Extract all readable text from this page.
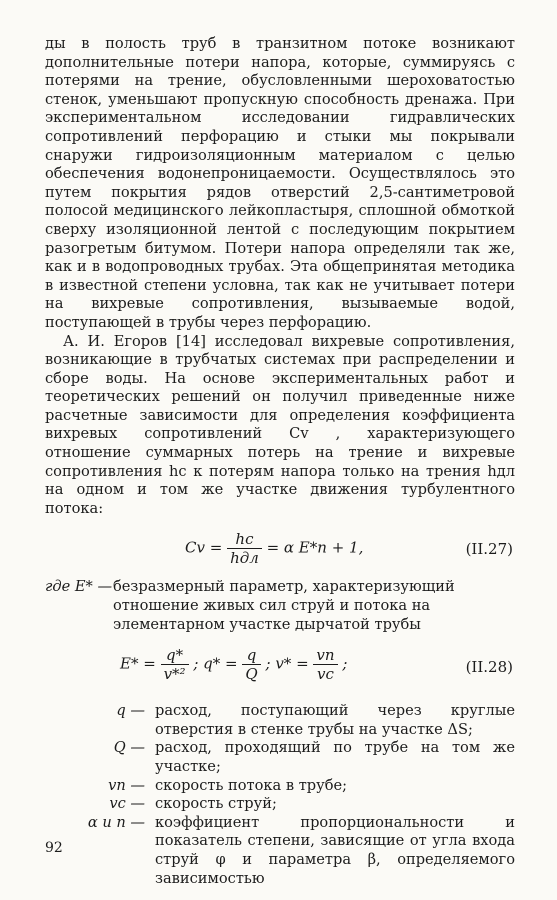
ды в полость труб в транзитном потоке возникают дополнительные потери напора, которые, суммируясь с потерями на трение, обусловленными шероховатостью стенок, уменьшают пропускную способность дренажа. При экспериментальном исследовании гидравлических сопротивлений перфорацию и стыки мы покрывали снаружи гидроизоляционным материалом с целью обеспечения водонепроницаемости. Осуществлялось это путем покрытия рядов отверстий 2,5-сантиметровой полосой медицинского лейкопластыря, сплошной обмоткой сверху изоляционной лентой с последующим покрытием разогретым битумом. Потери напора определяли так же, как и в водопроводных трубах. Эта общепринятая методика в известной степени условна, так как не учитывает потери на вихревые сопротивления, вызываемые водой, поступающей в трубы через перфорацию.

А. И. Егоров [14] исследовал вихревые сопротивления, возникающие в трубчатых системах при распределении и сборе воды. На основе экспериментальных работ и теоретических решений он получил приведенные ниже расчетные зависимости для определения коэффициента вихревых сопротивлений Cv , характеризующего отношение суммарных потерь на трение и вихревые сопротивления hс к потерям напора только на трения hдл на одном и том же участке движения турбулентного потока:

$Cv = \frac{hс}{\text{hдл}} = \alpha$ E*n + 1,	(II.27)
где E* — безразмерный параметр, характеризующий отношение живых сил струй и потока на элементарном участке дырчатой трубы
$E* = \frac{q*}{\text{v*²}}$ ; $q* = \frac{q}{Q}$ ; $v* = \frac{vп}{vс}$ ;	(II.28)
q — расход, поступающий через круглые отверстия в стенке трубы на участке ΔS;
Q — расход, проходящий по трубе на том же участке;
vп — скорость потока в трубе;
vс — скорость струй;
α и n — коэффициент пропорциональности и показатель степени, зависящие от угла входа струй φ и параметра β, определяемого зависимостью
92
